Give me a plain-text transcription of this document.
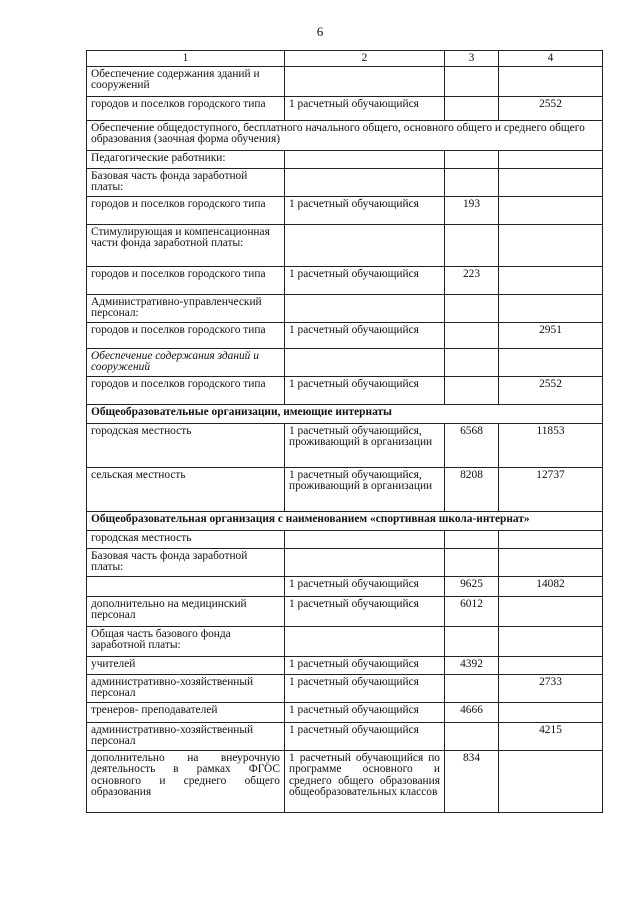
6
1	2	3	4
Обеспечение содержания зданий и сооружений			
городов и поселков городского типа	1 расчетный обучающийся		2552
Обеспечение общедоступного, бесплатного начального общего, основного общего и среднего общего образования (заочная форма обучения)			
Педагогические работники:			
Базовая часть фонда заработной платы:			
городов и поселков городского типа	1 расчетный обучающийся	193	
Стимулирующая и компенсационная части фонда заработной платы:			
городов и поселков городского типа	1 расчетный обучающийся	223	
Административно-управленческий персонал:			
городов и поселков городского типа	1 расчетный обучающийся		2951
Обеспечение содержания зданий и сооружений			
городов и поселков городского типа	1 расчетный обучающийся		2552
Общеобразовательные организации, имеющие интернаты			
городская местность	1 расчетный обучающийся, проживающий в организации	6568	11853
сельская местность	1 расчетный обучающийся, проживающий в организации	8208	12737
Общеобразовательная организация с наименованием «спортивная школа-интернат»			
городская местность			
Базовая часть фонда заработной платы:			
	1 расчетный обучающийся	9625	14082
дополнительно на медицинский персонал	1 расчетный обучающийся	6012	
Общая часть базового фонда заработной платы:			
учителей	1 расчетный обучающийся	4392	
административно-хозяйственный персонал	1 расчетный обучающийся		2733
тренеров- преподавателей	1 расчетный обучающийся	4666	
административно-хозяйственный персонал	1 расчетный обучающийся		4215
дополнительно на внеурочную деятельность в рамках ФГОС основного и среднего общего образования	1 расчетный обучающийся по программе основного и среднего общего образования общеобразовательных классов	834	
